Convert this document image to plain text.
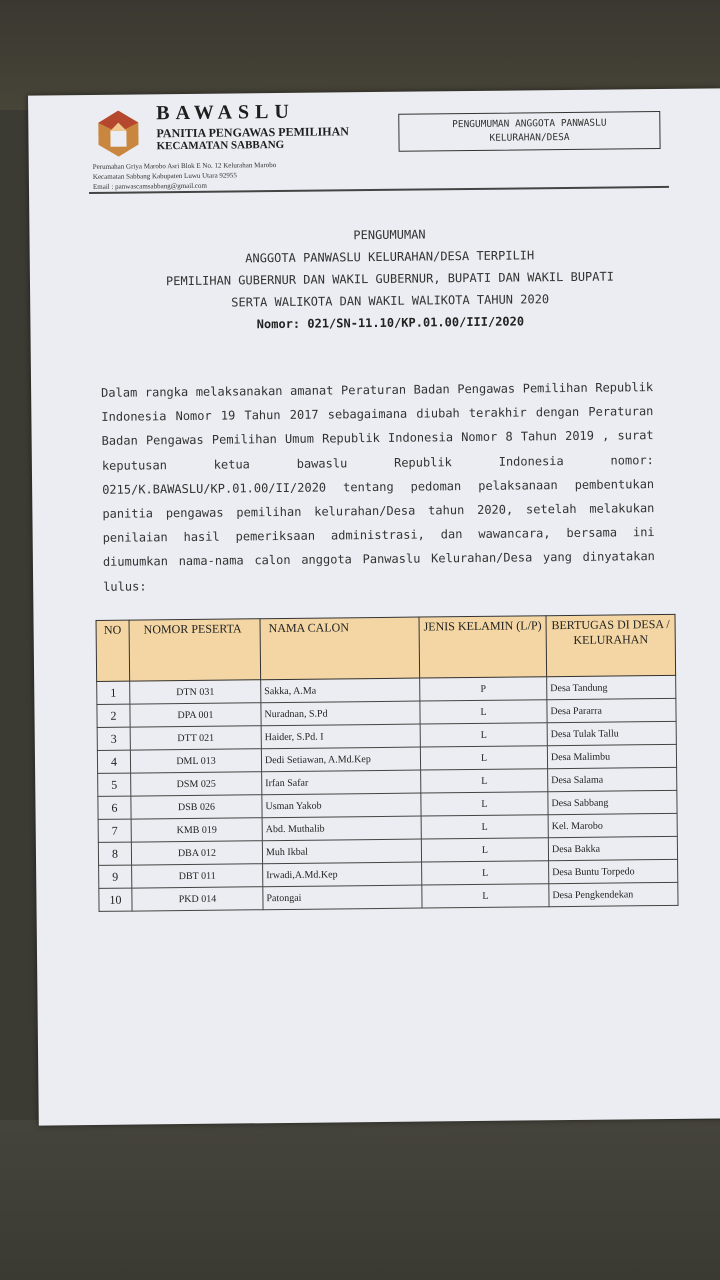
BAWASLU
PANITIA PENGAWAS PEMILIHAN
KECAMATAN SABBANG
Perumahan Griya Marobo Asri Blok E No. 12 Kelurahan Marobo
Kecamatan Sabbang Kabupaten Luwu Utara 92955
Email : panwascamsabbang@gmail.com
PENGUMUMAN ANGGOTA PANWASLU
KELURAHAN/DESA
PENGUMUMAN
ANGGOTA PANWASLU KELURAHAN/DESA TERPILIH
PEMILIHAN GUBERNUR DAN WAKIL GUBERNUR, BUPATI DAN WAKIL BUPATI
SERTA WALIKOTA DAN WAKIL WALIKOTA TAHUN 2020
Nomor: 021/SN-11.10/KP.01.00/III/2020
Dalam rangka melaksanakan amanat Peraturan Badan Pengawas Pemilihan Republik Indonesia Nomor 19 Tahun 2017 sebagaimana diubah terakhir dengan Peraturan Badan Pengawas Pemilihan Umum Republik Indonesia Nomor 8 Tahun 2019 , surat keputusan ketua bawaslu Republik Indonesia nomor: 0215/K.BAWASLU/KP.01.00/II/2020 tentang pedoman pelaksanaan pembentukan panitia pengawas pemilihan kelurahan/Desa tahun 2020, setelah melakukan penilaian hasil pemeriksaan administrasi, dan wawancara, bersama ini diumumkan nama-nama calon anggota Panwaslu Kelurahan/Desa yang dinyatakan lulus:
NO	NOMOR PESERTA	NAMA CALON	JENIS KELAMIN (L/P)	BERTUGAS DI DESA / KELURAHAN
1	DTN 031	Sakka, A.Ma	P	Desa Tandung
2	DPA 001	Nuradnan, S.Pd	L	Desa Pararra
3	DTT 021	Haider, S.Pd. I	L	Desa Tulak Tallu
4	DML 013	Dedi Setiawan, A.Md.Kep	L	Desa Malimbu
5	DSM 025	Irfan Safar	L	Desa Salama
6	DSB 026	Usman Yakob	L	Desa Sabbang
7	KMB 019	Abd. Muthalib	L	Kel. Marobo
8	DBA 012	Muh Ikbal	L	Desa Bakka
9	DBT 011	Irwadi,A.Md.Kep	L	Desa Buntu Torpedo
10	PKD 014	Patongai	L	Desa Pengkendekan
